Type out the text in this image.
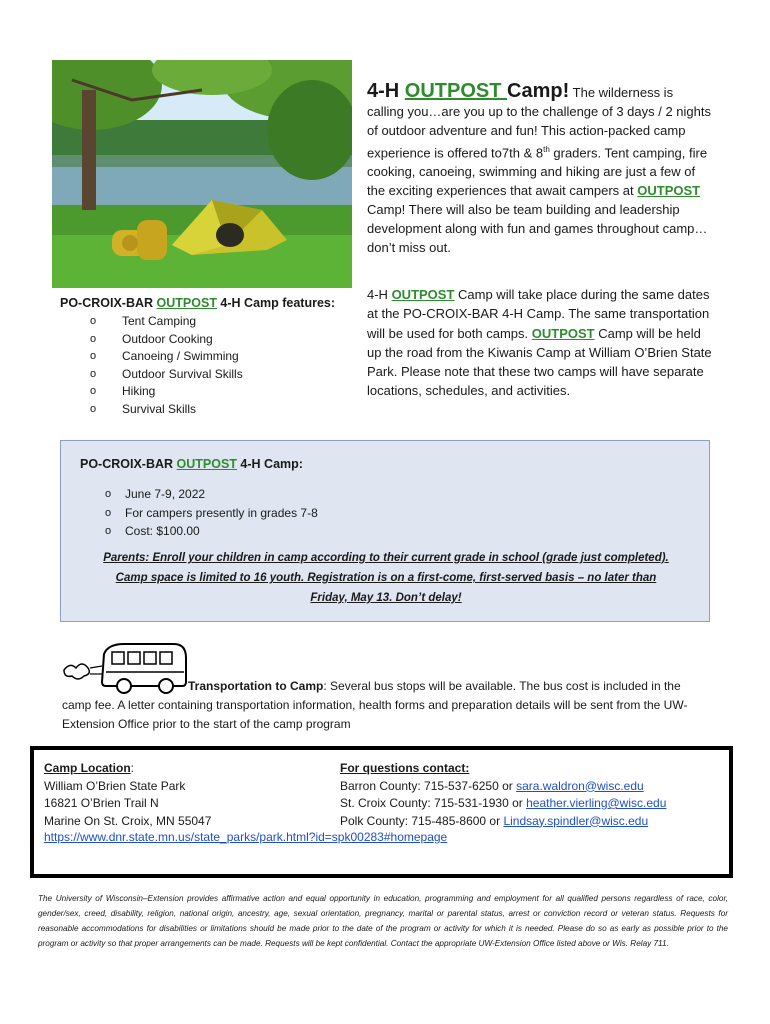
4-H OUTPOST Camp! The wilderness is calling you…are you up to the challenge of 3 days / 2 nights of outdoor adventure and fun! This action-packed camp experience is offered to7th & 8th graders. Tent camping, fire cooking, canoeing, swimming and hiking are just a few of the exciting experiences that await campers at OUTPOST Camp! There will also be team building and leadership development along with fun and games throughout camp…don’t miss out.
4-H OUTPOST Camp will take place during the same dates at the PO-CROIX-BAR 4-H Camp. The same transportation will be used for both camps. OUTPOST Camp will be held up the road from the Kiwanis Camp at William O’Brien State Park. Please note that these two camps will have separate locations, schedules, and activities.
PO-CROIX-BAR OUTPOST 4-H Camp features:
o	Tent Camping
o	Outdoor Cooking
o	Canoeing / Swimming
o	Outdoor Survival Skills
o	Hiking
o	Survival Skills
PO-CROIX-BAR OUTPOST 4-H Camp:
o	June 7-9, 2022
o	For campers presently in grades 7-8
o	Cost: $100.00
Parents: Enroll your children in camp according to their current grade in school (grade just completed).
Camp space is limited to 16 youth. Registration is on a first-come, first-served basis – no later than
Friday, May 13. Don’t delay!
Transportation to Camp: Several bus stops will be available. The bus cost is included in the camp fee. A letter containing transportation information, health forms and preparation details will be sent from the UW-Extension Office prior to the start of the camp program
Camp Location:
William O’Brien State Park
16821 O’Brien Trail N
Marine On St. Croix, MN 55047
https://www.dnr.state.mn.us/state_parks/park.html?id=spk00283#homepage
For questions contact:
Barron County: 715-537-6250 or sara.waldron@wisc.edu
St. Croix County: 715-531-1930 or heather.vierling@wisc.edu
Polk County: 715-485-8600 or Lindsay.spindler@wisc.edu
The University of Wisconsin–Extension provides affirmative action and equal opportunity in education, programming and employment for all qualified persons regardless of race, color, gender/sex, creed, disability, religion, national origin, ancestry, age, sexual orientation, pregnancy, marital or parental status, arrest or conviction record or veteran status. Requests for reasonable accommodations for disabilities or limitations should be made prior to the date of the program or activity for which it is needed. Please do so as early as possible prior to the program or activity so that proper arrangements can be made. Requests will be kept confidential. Contact the appropriate UW-Extension Office listed above or Wis. Relay 711.
